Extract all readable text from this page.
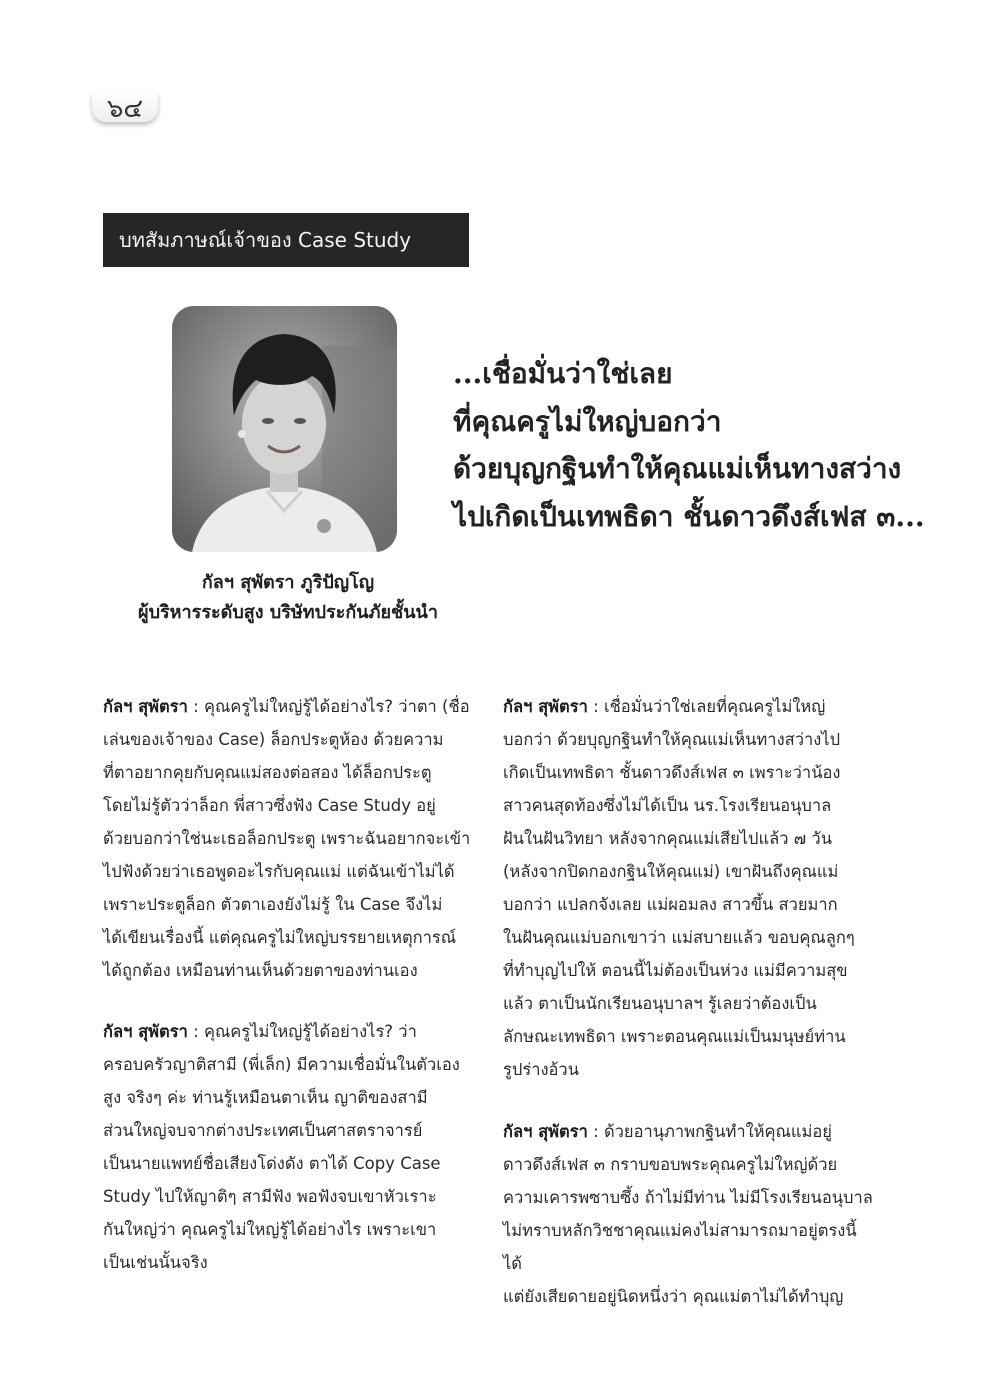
๖๔
บทสัมภาษณ์เจ้าของ Case Study
กัลฯ สุพัตรา ภูริปัญโญ
ผู้บริหารระดับสูง บริษัทประกันภัยชั้นนำ
...เชื่อมั่นว่าใช่เลย
ที่คุณครูไม่ใหญ่บอกว่า
ด้วยบุญกฐินทำให้คุณแม่เห็นทางสว่าง
ไปเกิดเป็นเทพธิดา ชั้นดาวดึงส์เฟส ๓...

กัลฯ สุพัตรา : คุณครูไม่ใหญ่รู้ได้อย่างไร? ว่าตา (ชื่อ
เล่นของเจ้าของ Case) ล็อกประตูห้อง ด้วยความ
ที่ตาอยากคุยกับคุณแม่สองต่อสอง ได้ล็อกประตู
โดยไม่รู้ตัวว่าล็อก พี่สาวซึ่งฟัง Case Study อยู่
ด้วยบอกว่าใช่นะเธอล็อกประตู เพราะฉันอยากจะเข้า
ไปฟังด้วยว่าเธอพูดอะไรกับคุณแม่ แต่ฉันเข้าไม่ได้
เพราะประตูล็อก ตัวตาเองยังไม่รู้ ใน Case จึงไม่
ได้เขียนเรื่องนี้ แต่คุณครูไม่ใหญ่บรรยายเหตุการณ์
ได้ถูกต้อง เหมือนท่านเห็นด้วยตาของท่านเอง

กัลฯ สุพัตรา : คุณครูไม่ใหญ่รู้ได้อย่างไร? ว่า
ครอบครัวญาติสามี (พี่เล็ก) มีความเชื่อมั่นในตัวเอง
สูง จริงๆ ค่ะ ท่านรู้เหมือนตาเห็น ญาติของสามี
ส่วนใหญ่จบจากต่างประเทศเป็นศาสตราจารย์
เป็นนายแพทย์ชื่อเสียงโด่งดัง ตาได้ Copy Case
Study ไปให้ญาติๆ สามีฟัง พอฟังจบเขาหัวเราะ
กันใหญ่ว่า คุณครูไม่ใหญ่รู้ได้อย่างไร เพราะเขา
เป็นเช่นนั้นจริง

กัลฯ สุพัตรา : เชื่อมั่นว่าใช่เลยที่คุณครูไม่ใหญ่
บอกว่า ด้วยบุญกฐินทำให้คุณแม่เห็นทางสว่างไป
เกิดเป็นเทพธิดา ชั้นดาวดึงส์เฟส ๓ เพราะว่าน้อง
สาวคนสุดท้องซึ่งไม่ได้เป็น นร.โรงเรียนอนุบาล
ฝันในฝันวิทยา หลังจากคุณแม่เสียไปแล้ว ๗ วัน
(หลังจากปิดกองกฐินให้คุณแม่) เขาฝันถึงคุณแม่
บอกว่า แปลกจังเลย แม่ผอมลง สาวขึ้น สวยมาก
ในฝันคุณแม่บอกเขาว่า แม่สบายแล้ว ขอบคุณลูกๆ
ที่ทำบุญไปให้ ตอนนี้ไม่ต้องเป็นห่วง แม่มีความสุข
แล้ว ตาเป็นนักเรียนอนุบาลฯ รู้เลยว่าต้องเป็น
ลักษณะเทพธิดา เพราะตอนคุณแม่เป็นมนุษย์ท่าน
รูปร่างอ้วน

กัลฯ สุพัตรา : ด้วยอานุภาพกฐินทำให้คุณแม่อยู่
ดาวดึงส์เฟส ๓ กราบขอบพระคุณครูไม่ใหญ่ด้วย
ความเคารพซาบซึ้ง ถ้าไม่มีท่าน ไม่มีโรงเรียนอนุบาล
ไม่ทราบหลักวิชชาคุณแม่คงไม่สามารถมาอยู่ตรงนี้ได้
แต่ยังเสียดายอยู่นิดหนึ่งว่า คุณแม่ตาไม่ได้ทำบุญ
